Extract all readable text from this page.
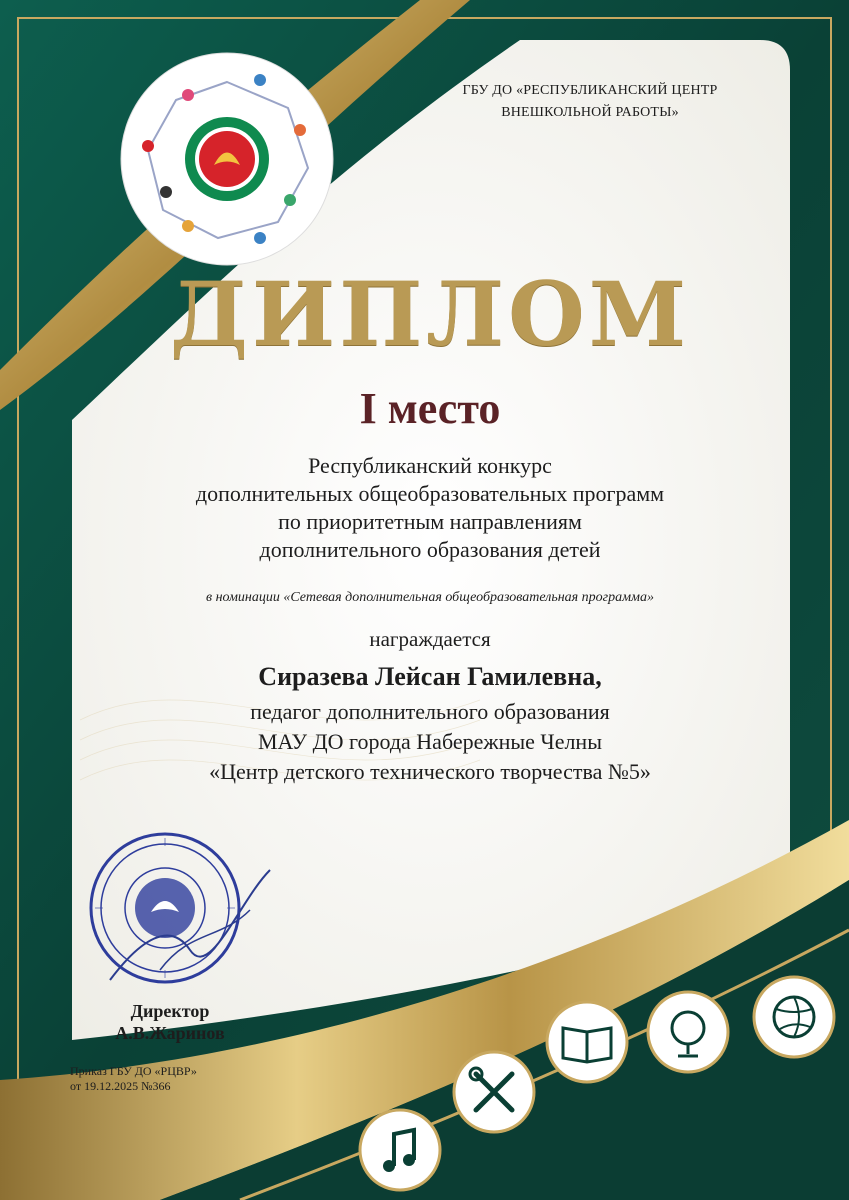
ГБУ ДО «РЕСПУБЛИКАНСКИЙ ЦЕНТР
ВНЕШКОЛЬНОЙ РАБОТЫ»
ДИПЛОМ
I место
Республиканский конкурс
дополнительных общеобразовательных программ
по приоритетным направлениям
дополнительного образования детей
в номинации «Сетевая дополнительная общеобразовательная программа»
награждается
Сиразева Лейсан Гамилевна,
педагог дополнительного образования
МАУ ДО города Набережные Челны
«Центр детского технического творчества №5»
Директор
А.В.Жаринов
Приказ ГБУ ДО «РЦВР»
от 19.12.2025 №366
